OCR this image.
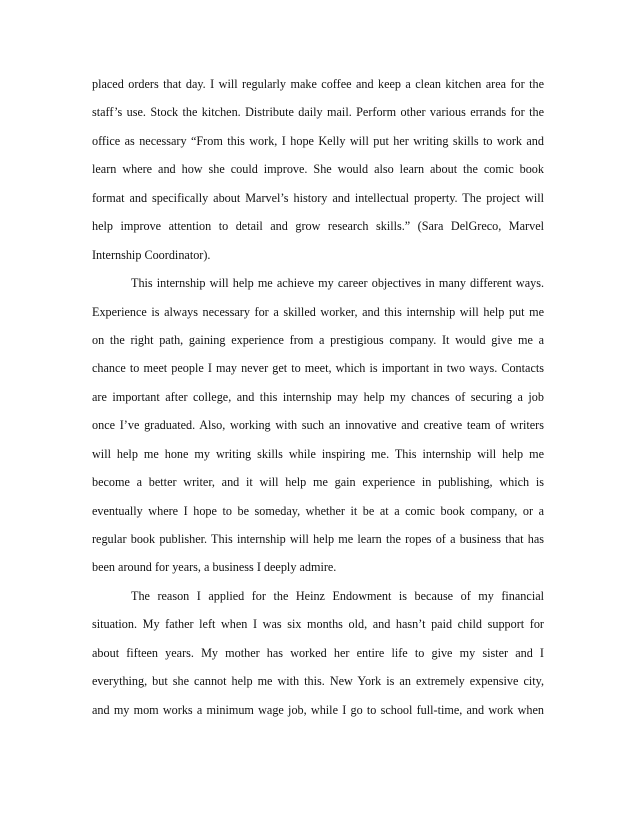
placed orders that day. I will regularly make coffee and keep a clean kitchen area for the
staff’s use. Stock the kitchen. Distribute daily mail. Perform other various errands for the
office as necessary “From this work, I hope Kelly will put her writing skills to work and
learn where and how she could improve. She would also learn about the comic book
format and specifically about Marvel’s history and intellectual property. The project will
help improve attention to detail and grow research skills.” (Sara DelGreco, Marvel
Internship Coordinator).
This internship will help me achieve my career objectives in many different ways.
Experience is always necessary for a skilled worker, and this internship will help put me
on the right path, gaining experience from a prestigious company. It would give me a
chance to meet people I may never get to meet, which is important in two ways. Contacts
are important after college, and this internship may help my chances of securing a job
once I’ve graduated. Also, working with such an innovative and creative team of writers
will help me hone my writing skills while inspiring me. This internship will help me
become a better writer, and it will help me gain experience in publishing, which is
eventually where I hope to be someday, whether it be at a comic book company, or a
regular book publisher. This internship will help me learn the ropes of a business that has
been around for years, a business I deeply admire.
The reason I applied for the Heinz Endowment is because of my financial
situation. My father left when I was six months old, and hasn’t paid child support for
about fifteen years. My mother has worked her entire life to give my sister and I
everything, but she cannot help me with this. New York is an extremely expensive city,
and my mom works a minimum wage job, while I go to school full-time, and work when
